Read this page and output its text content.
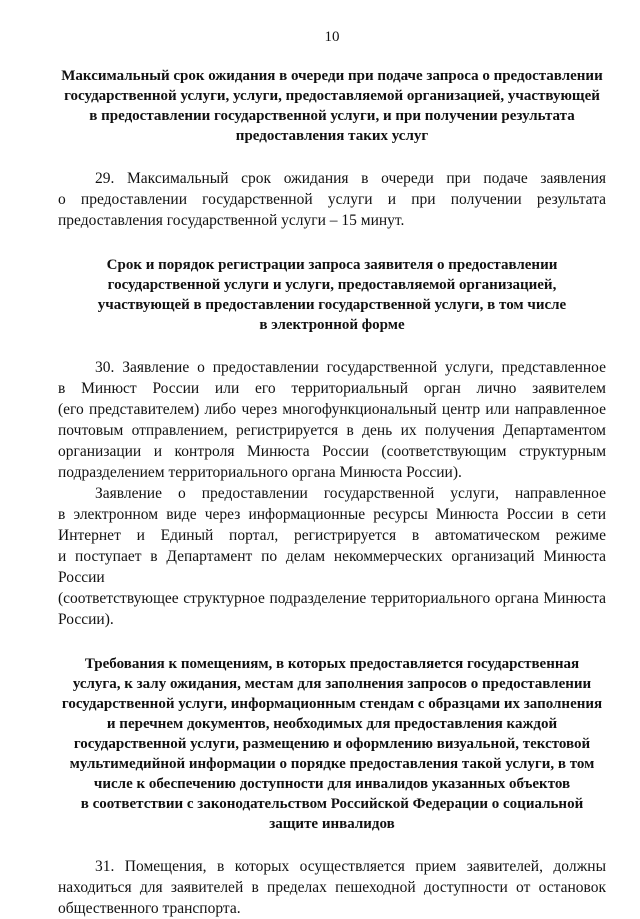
10
Максимальный срок ожидания в очереди при подаче запроса о предоставлении
государственной услуги, услуги, предоставляемой организацией, участвующей
в предоставлении государственной услуги, и при получении результата
предоставления таких услуг
29. Максимальный срок ожидания в очереди при подаче заявления
о предоставлении государственной услуги и при получении результата
предоставления государственной услуги – 15 минут.
Срок и порядок регистрации запроса заявителя о предоставлении
государственной услуги и услуги, предоставляемой организацией,
участвующей в предоставлении государственной услуги, в том числе
в электронной форме
30. Заявление о предоставлении государственной услуги, представленное
в Минюст России или его территориальный орган лично заявителем
(его представителем) либо через многофункциональный центр или направленное
почтовым отправлением, регистрируется в день их получения Департаментом
организации и контроля Минюста России (соответствующим структурным
подразделением территориального органа Минюста России).
Заявление о предоставлении государственной услуги, направленное
в электронном виде через информационные ресурсы Минюста России в сети
Интернет и Единый портал, регистрируется в автоматическом режиме
и поступает в Департамент по делам некоммерческих организаций Минюста России
(соответствующее структурное подразделение территориального органа Минюста
России).
Требования к помещениям, в которых предоставляется государственная
услуга, к залу ожидания, местам для заполнения запросов о предоставлении
государственной услуги, информационным стендам с образцами их заполнения
и перечнем документов, необходимых для предоставления каждой
государственной услуги, размещению и оформлению визуальной, текстовой
мультимедийной информации о порядке предоставления такой услуги, в том
числе к обеспечению доступности для инвалидов указанных объектов
в соответствии с законодательством Российской Федерации о социальной
защите инвалидов
31. Помещения, в которых осуществляется прием заявителей, должны
находиться для заявителей в пределах пешеходной доступности от остановок
общественного транспорта.
